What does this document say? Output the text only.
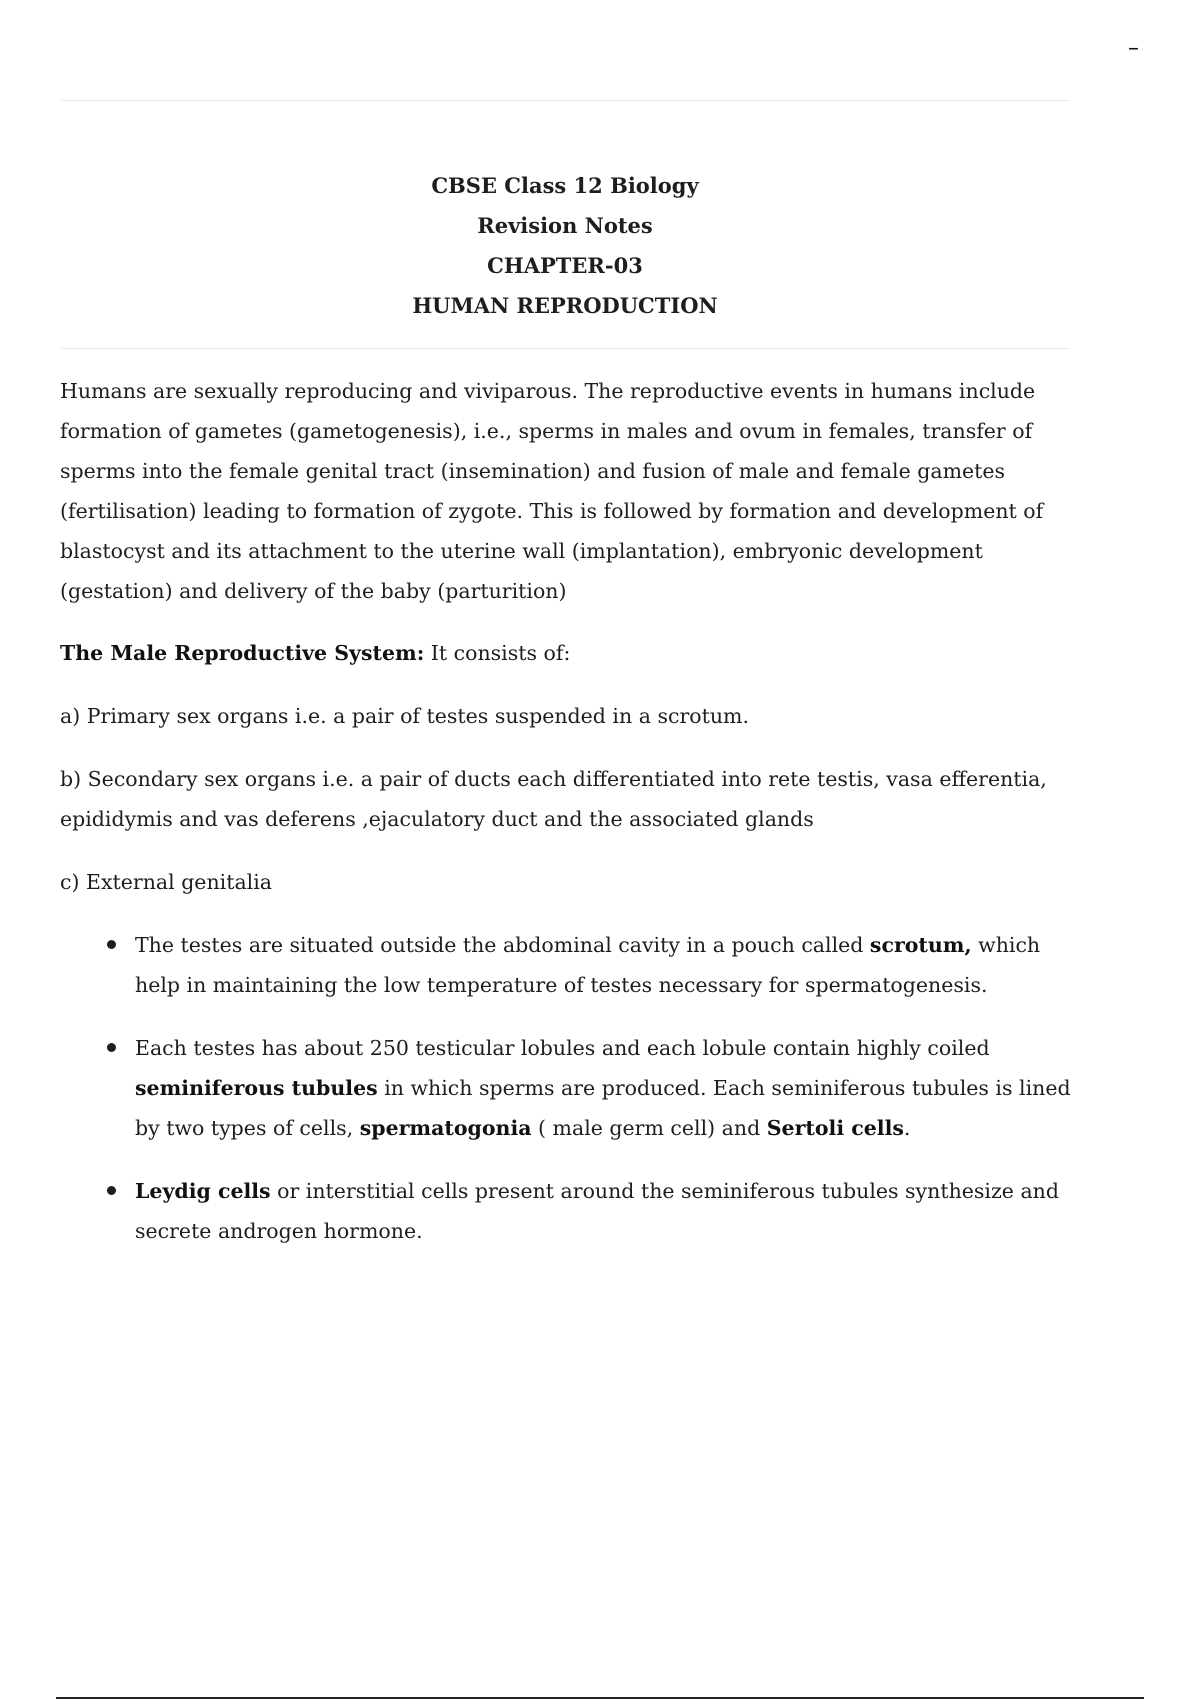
–
CBSE Class 12 Biology
Revision Notes
CHAPTER-03
HUMAN REPRODUCTION

Humans are sexually reproducing and viviparous. The reproductive events in humans include formation of gametes (gametogenesis), i.e., sperms in males and ovum in females, transfer of sperms into the female genital tract (insemination) and fusion of male and female gametes (fertilisation) leading to formation of zygote. This is followed by formation and development of blastocyst and its attachment to the uterine wall (implantation), embryonic development (gestation) and delivery of the baby (parturition)

The Male Reproductive System: It consists of:

a) Primary sex organs i.e. a pair of testes suspended in a scrotum.

b) Secondary sex organs i.e. a pair of ducts each differentiated into rete testis, vasa efferentia, epididymis and vas deferens ,ejaculatory duct and the associated glands

c) External genitalia

The testes are situated outside the abdominal cavity in a pouch called scrotum, which help in maintaining the low temperature of testes necessary for spermatogenesis.
Each testes has about 250 testicular lobules and each lobule contain highly coiled seminiferous tubules in which sperms are produced. Each seminiferous tubules is lined by two types of cells, spermatogonia ( male germ cell) and Sertoli cells.
Leydig cells or interstitial cells present around the seminiferous tubules synthesize and secrete androgen hormone.
